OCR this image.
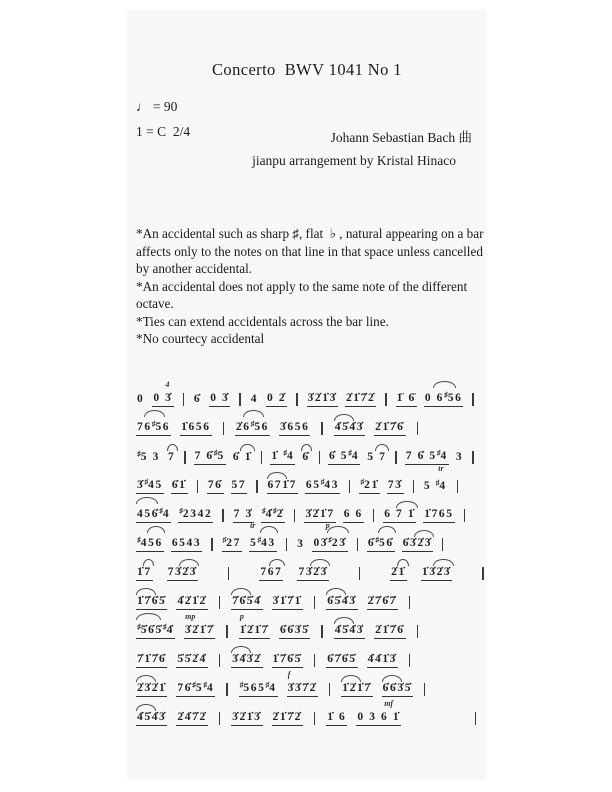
Concerto  BWV 1041 No 1
♩ = 90
Johann Sebastian Bach 曲
1 = C  2/4
jianpu arrangement by Kristal Hinaco
*An accidental such as sharp ♯, flat  ♭ , natural appearing on a bar affects only to the notes on that line in that space unless cancelled by another accidental.
*An accidental does not apply to the same note of the different octave.
*Ties can extend accidentals across the bar line.
*No courtecy accidental
0 0 3̇
4
6̇ 0 3̇ 4 0 2̇ 3̇2̇1̇3̇ 2̇1̇7̇2̇ 1̈ 6̈ 0 6♯56
76♯56 1̇656 2̇6♯56 3̇656 4̇5̇4̇3̇ 2̇1̇7̇6̇
♯5 3 7 7 6̇♯5 6̇ 1̇ 1̇ ♯4 6̇ 6̇ 5♯4 5 7 7 6̇ 5♯4 3
3̇♯45 6̇1̇ 76̇ 57 671̇7 65♯43	♯21̇ 73̇ 5 ♯4
tr
456̇♯4 ♯2342 7 3̇ ♯4̇♯2̇ 3̇2̇1̇7 6 6 6 7 1̇ 1̇765
♯456 6543	♯27 5♯43
tr
3 03̇♯23̇
p
6̇♯56̇ 6̇3̇2̇3̇
1̇7 73̇2̇3̇	767 73̇2̇3̇	2̇1̇ 1̇3̇2̇3̇
1̇7̇6̇5̇ 4̇2̇1̇2̇ 7̇6̇5̇4̇ 3̇1̇7̇1̇ 6̇5̇4̇3̇ 2̇7̇6̇7̇
♯5̇6̇5̇♯4̇ 3̇2̇1̇7̇
mp
1̇2̇1̇7̇
p
6̇6̇3̇5̇ 4̇5̇4̇3̇ 2̇1̇7̇6̇
7̇1̇7̇6̇ 5̇5̇2̇4̇ 3̇4̇3̇2̇ 1̇7̇6̇5̇ 6̇7̇6̇5̇ 4̇4̇1̇3̇
2̇3̇2̇1̇ 76̇♯5♯4	♯565♯4 3̇3̇7̇2̇
f
1̇2̇1̇7̇ 6̇6̇3̇5̇
4̇5̇4̇3̇ 2̇4̇7̇2̇ 3̇2̇1̇3̇ 2̇1̇7̇2̇ 1̇ 6 0 3 6 1̇
mf
